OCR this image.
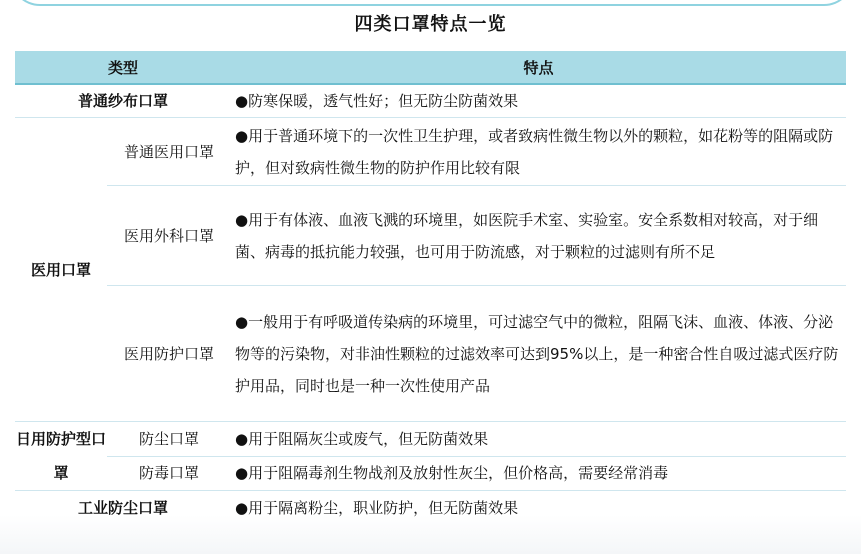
四类口罩特点一览
类型		特点
普通纱布口罩		●防寒保暖，透气性好；但无防尘防菌效果
医用口罩	普通医用口罩	●用于普通环境下的一次性卫生护理，或者致病性微生物以外的颗粒，如花粉等的阻隔或防护，但对致病性微生物的防护作用比较有限
	医用外科口罩	●用于有体液、血液飞溅的环境里，如医院手术室、实验室。安全系数相对较高，对于细菌、病毒的抵抗能力较强，也可用于防流感，对于颗粒的过滤则有所不足
	医用防护口罩	●一般用于有呼吸道传染病的环境里，可过滤空气中的微粒，阻隔飞沫、血液、体液、分泌物等的污染物，对非油性颗粒的过滤效率可达到95%以上，是一种密合性自吸过滤式医疗防护用品，同时也是一种一次性使用产品
日用防护型口罩	防尘口罩	●用于阻隔灰尘或废气，但无防菌效果
	防毒口罩	●用于阻隔毒剂生物战剂及放射性灰尘，但价格高，需要经常消毒
工业防尘口罩		●用于隔离粉尘，职业防护，但无防菌效果
